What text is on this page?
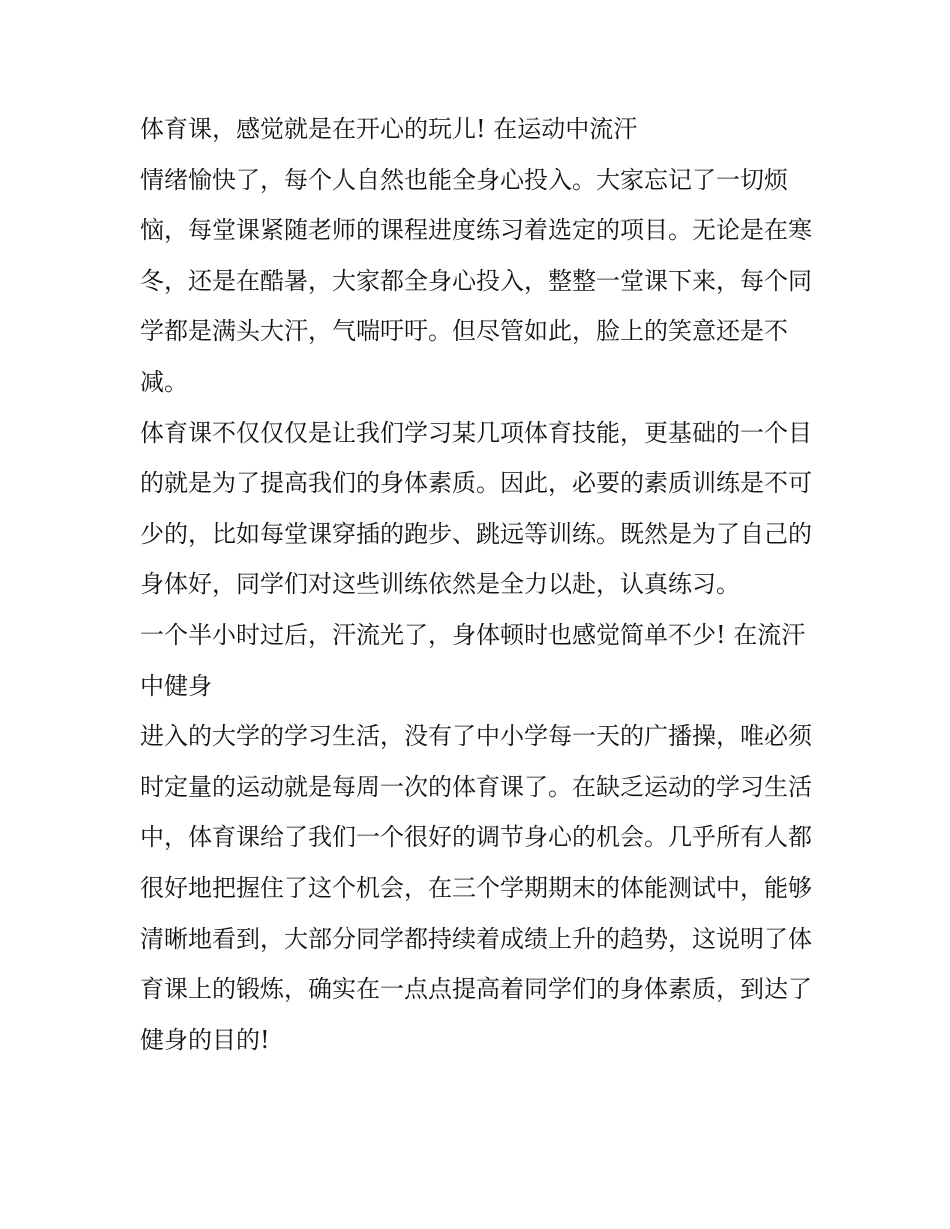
体育课，感觉就是在开心的玩儿! 在运动中流汗

情绪愉快了，每个人自然也能全身心投入。大家忘记了一切烦恼，每堂课紧随老师的课程进度练习着选定的项目。无论是在寒冬，还是在酷暑，大家都全身心投入，整整一堂课下来，每个同学都是满头大汗，气喘吁吁。但尽管如此，脸上的笑意还是不减。

体育课不仅仅仅是让我们学习某几项体育技能，更基础的一个目的就是为了提高我们的身体素质。因此，必要的素质训练是不可少的，比如每堂课穿插的跑步、跳远等训练。既然是为了自己的身体好，同学们对这些训练依然是全力以赴，认真练习。

一个半小时过后，汗流光了，身体顿时也感觉简单不少! 在流汗中健身

进入的大学的学习生活，没有了中小学每一天的广播操，唯必须时定量的运动就是每周一次的体育课了。在缺乏运动的学习生活中，体育课给了我们一个很好的调节身心的机会。几乎所有人都很好地把握住了这个机会，在三个学期期末的体能测试中，能够清晰地看到，大部分同学都持续着成绩上升的趋势，这说明了体育课上的锻炼，确实在一点点提高着同学们的身体素质，到达了健身的目的!
